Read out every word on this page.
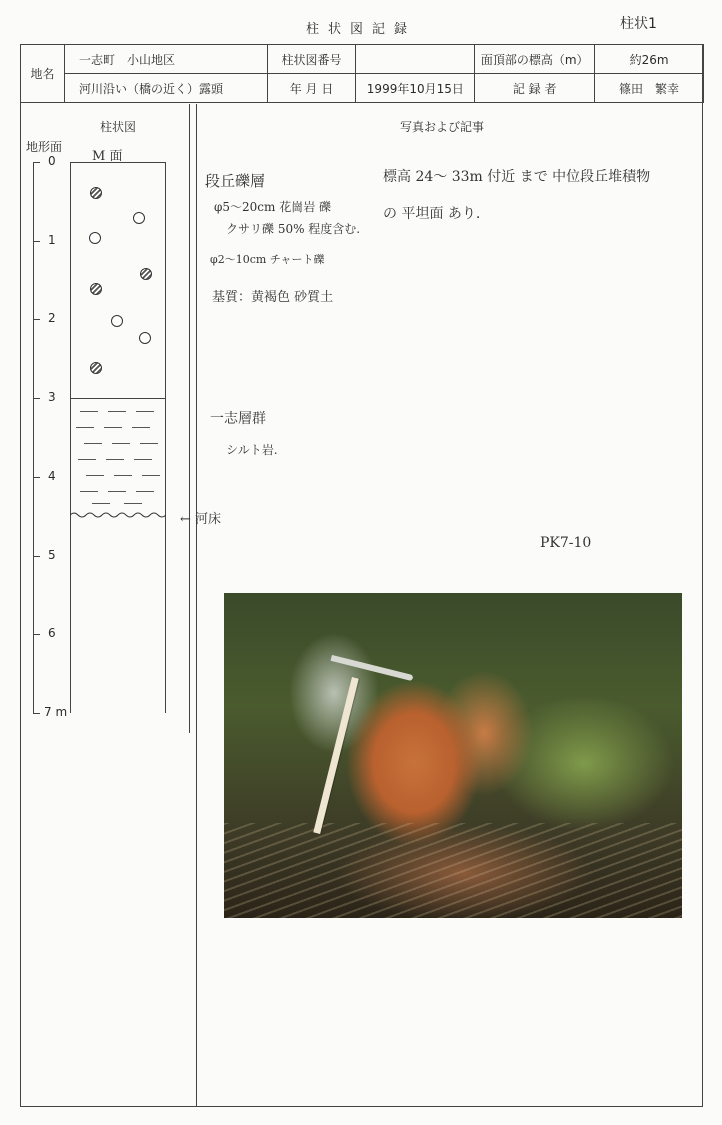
柱状図記録	柱状1
地名	一志町　小山地区	柱状図番号		面頂部の標高（m）	約26m
	河川沿い（橋の近く）露頭	年 月 日	1999年10月15日	記 録 者	篠田　繁幸
柱状図	写真および記事
地形面
0
1
2
3
4
5
6
7 m
M 面
← 河床
段丘礫層
φ5〜20cm 花崗岩 礫
クサリ礫 50% 程度含む.
φ2〜10cm チャート礫
基質：黄褐色 砂質土
標高 24〜 33m 付近 まで 中位段丘堆積物
の 平坦面 あり.
一志層群
シルト岩.
PK7-10
